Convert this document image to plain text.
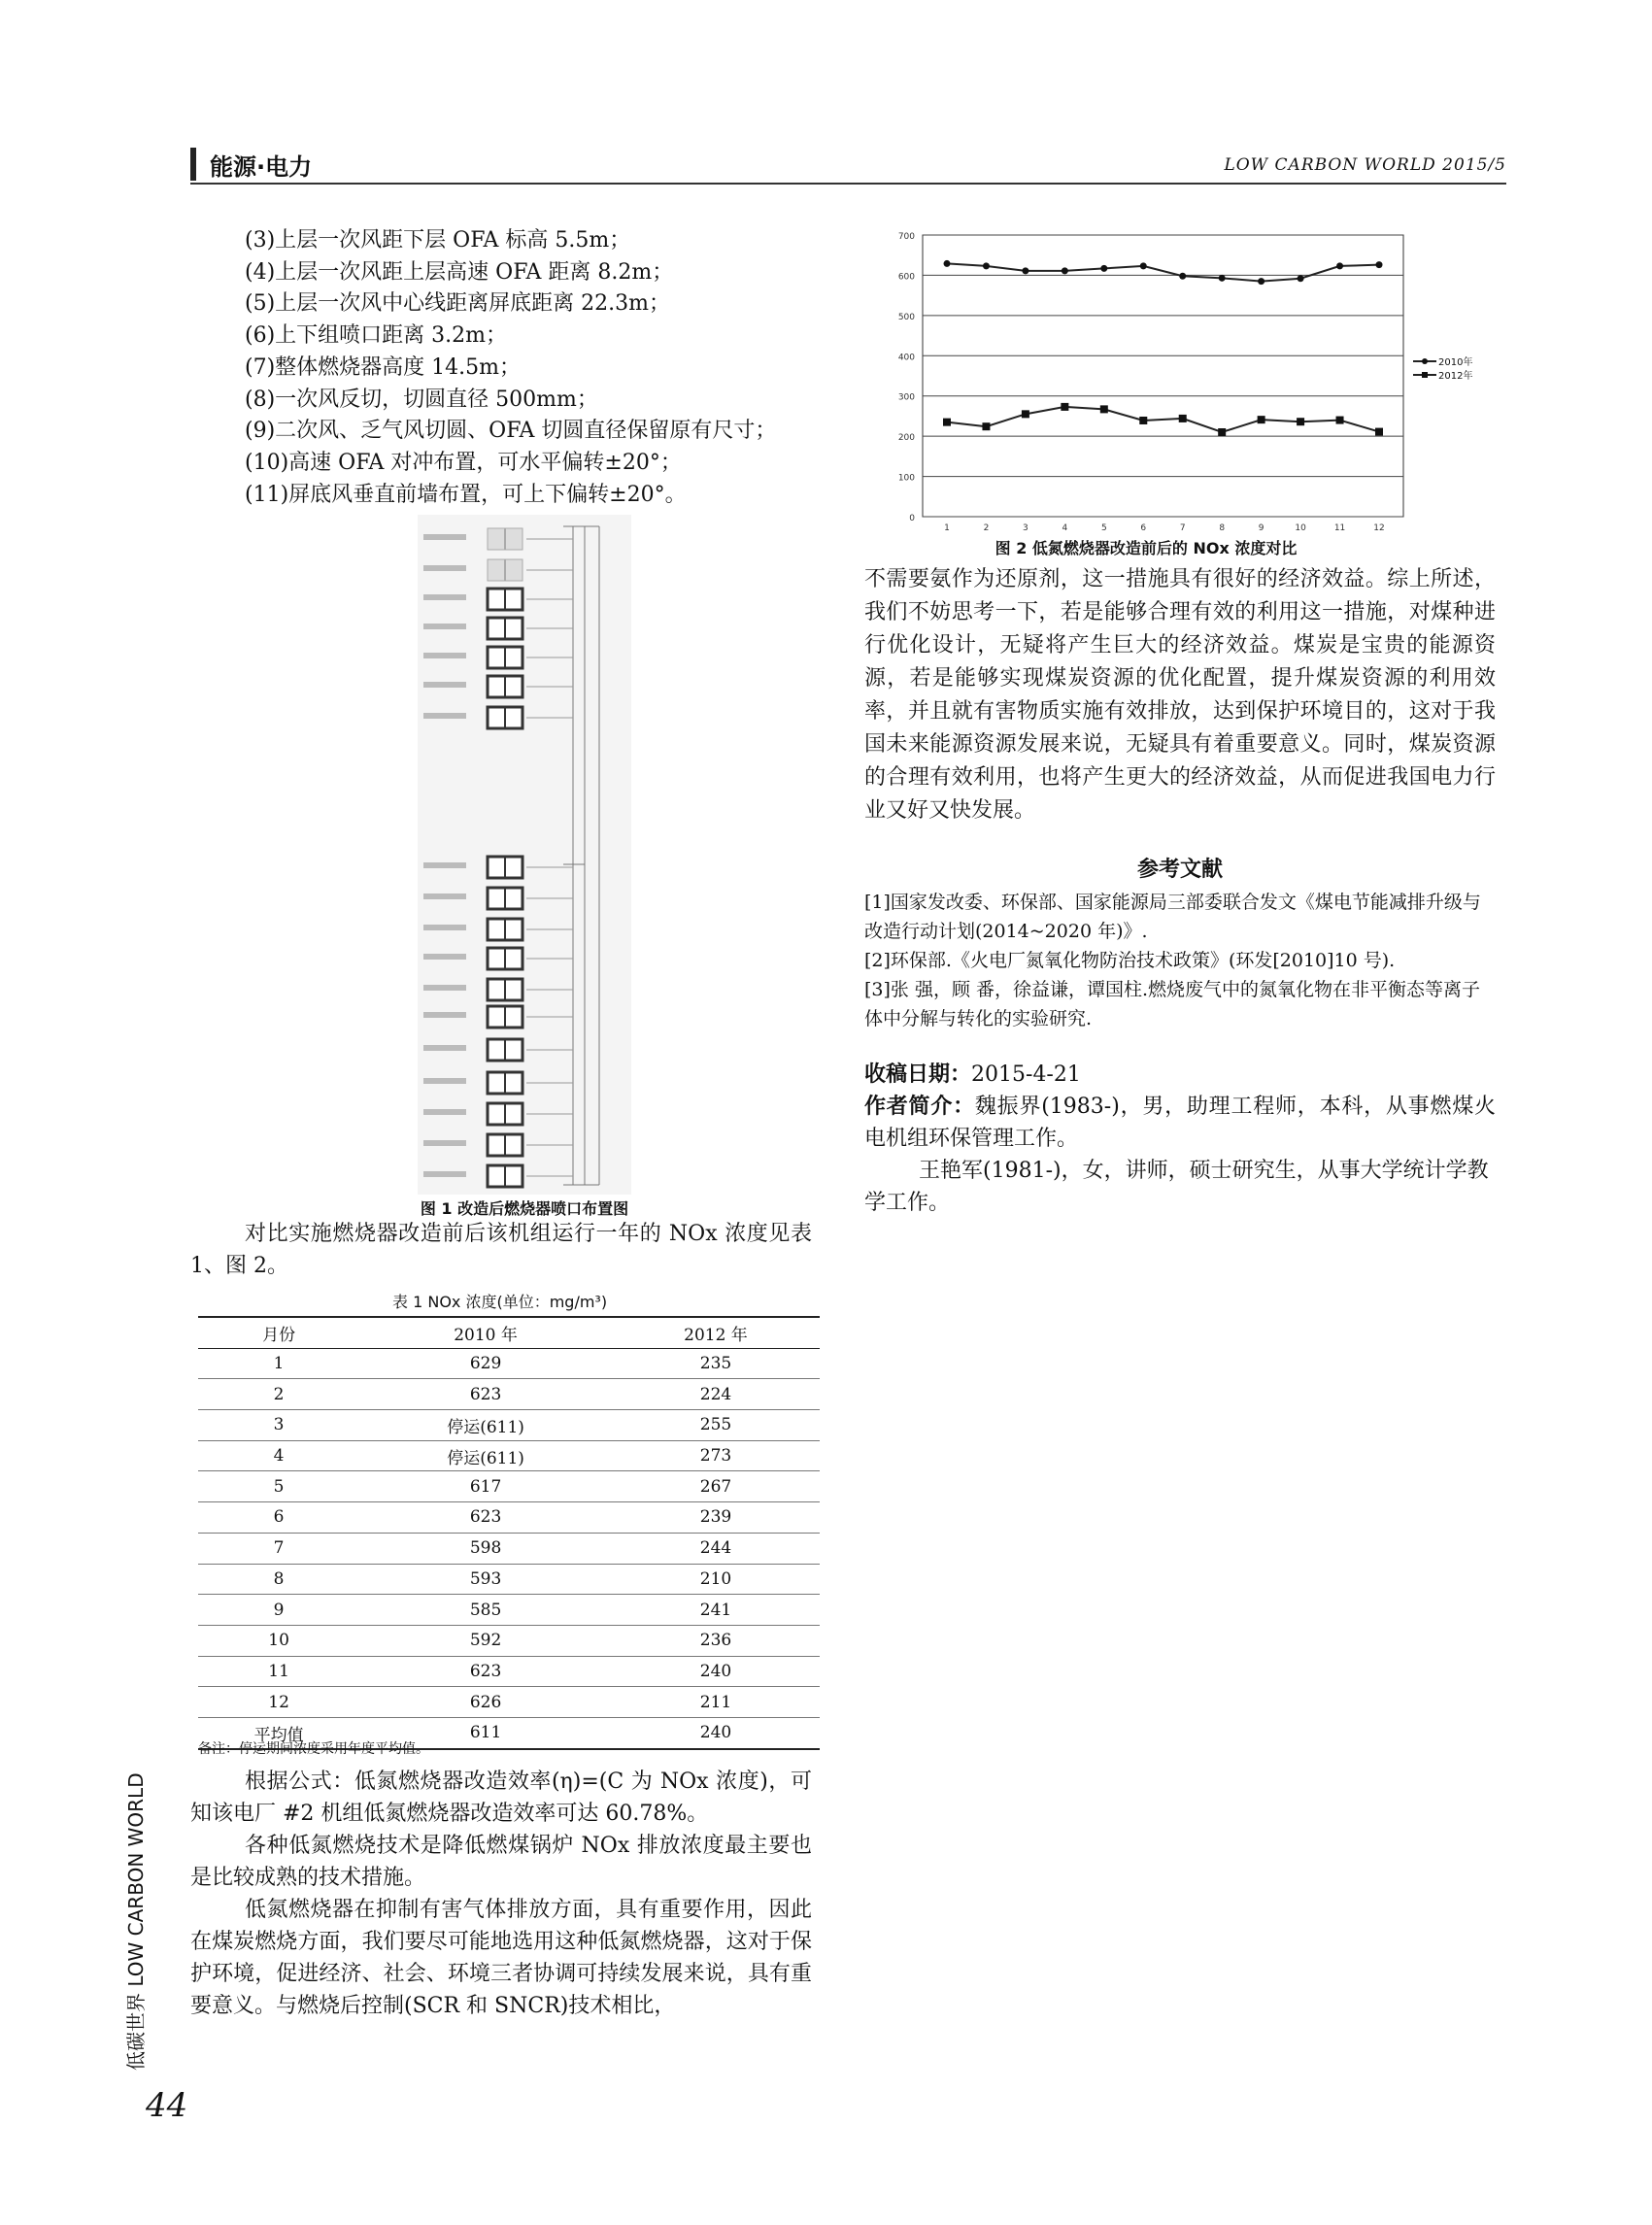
能源·电力	LOW CARBON WORLD 2015/5
(3)上层一次风距下层 OFA 标高 5.5m；
(4)上层一次风距上层高速 OFA 距离 8.2m；
(5)上层一次风中心线距离屏底距离 22.3m；
(6)上下组喷口距离 3.2m；
(7)整体燃烧器高度 14.5m；
(8)一次风反切，切圆直径 500mm；
(9)二次风、乏气风切圆、OFA 切圆直径保留原有尺寸；
(10)高速 OFA 对冲布置，可水平偏转±20°；
(11)屏底风垂直前墙布置，可上下偏转±20°。
图 1 改造后燃烧器喷口布置图
对比实施燃烧器改造前后该机组运行一年的 NOx 浓度见表 1、图 2。
表 1 NOx 浓度(单位：mg/m³)
月份	2010 年	2012 年
1	629	235
2	623	224
3	停运(611)	255
4	停运(611)	273
5	617	267
6	623	239
7	598	244
8	593	210
9	585	241
10	592	236
11	623	240
12	626	211
平均值	611	240
备注：停运期间浓度采用年度平均值。
根据公式：低氮燃烧器改造效率(η)=(C 为 NOx 浓度)，可知该电厂 #2 机组低氮燃烧器改造效率可达 60.78%。
各种低氮燃烧技术是降低燃煤锅炉 NOx 排放浓度最主要也是比较成熟的技术措施。
低氮燃烧器在抑制有害气体排放方面，具有重要作用，因此在煤炭燃烧方面，我们要尽可能地选用这种低氮燃烧器，这对于保护环境，促进经济、社会、环境三者协调可持续发展来说，具有重要意义。与燃烧后控制(SCR 和 SNCR)技术相比，
0
100
200
300
400
500
600
700
1	2	3	4	5	6	7	8	9	10	11	12
2010年
2012年
图 2 低氮燃烧器改造前后的 NOx 浓度对比
不需要氨作为还原剂，这一措施具有很好的经济效益。综上所述，我们不妨思考一下，若是能够合理有效的利用这一措施，对煤种进行优化设计，无疑将产生巨大的经济效益。煤炭是宝贵的能源资源，若是能够实现煤炭资源的优化配置，提升煤炭资源的利用效率，并且就有害物质实施有效排放，达到保护环境目的，这对于我国未来能源资源发展来说，无疑具有着重要意义。同时，煤炭资源的合理有效利用，也将产生更大的经济效益，从而促进我国电力行业又好又快发展。
参考文献
[1]国家发改委、环保部、国家能源局三部委联合发文《煤电节能减排升级与改造行动计划(2014~2020 年)》.
[2]环保部.《火电厂氮氧化物防治技术政策》(环发[2010]10 号).
[3]张 强，顾 番，徐益谦，谭国柱.燃烧废气中的氮氧化物在非平衡态等离子体中分解与转化的实验研究.
收稿日期：2015-4-21
作者简介：魏振界(1983-)，男，助理工程师，本科，从事燃煤火电机组环保管理工作。
王艳军(1981-)，女，讲师，硕士研究生，从事大学统计学教学工作。
低碳世界 LOW CARBON WORLD
44
